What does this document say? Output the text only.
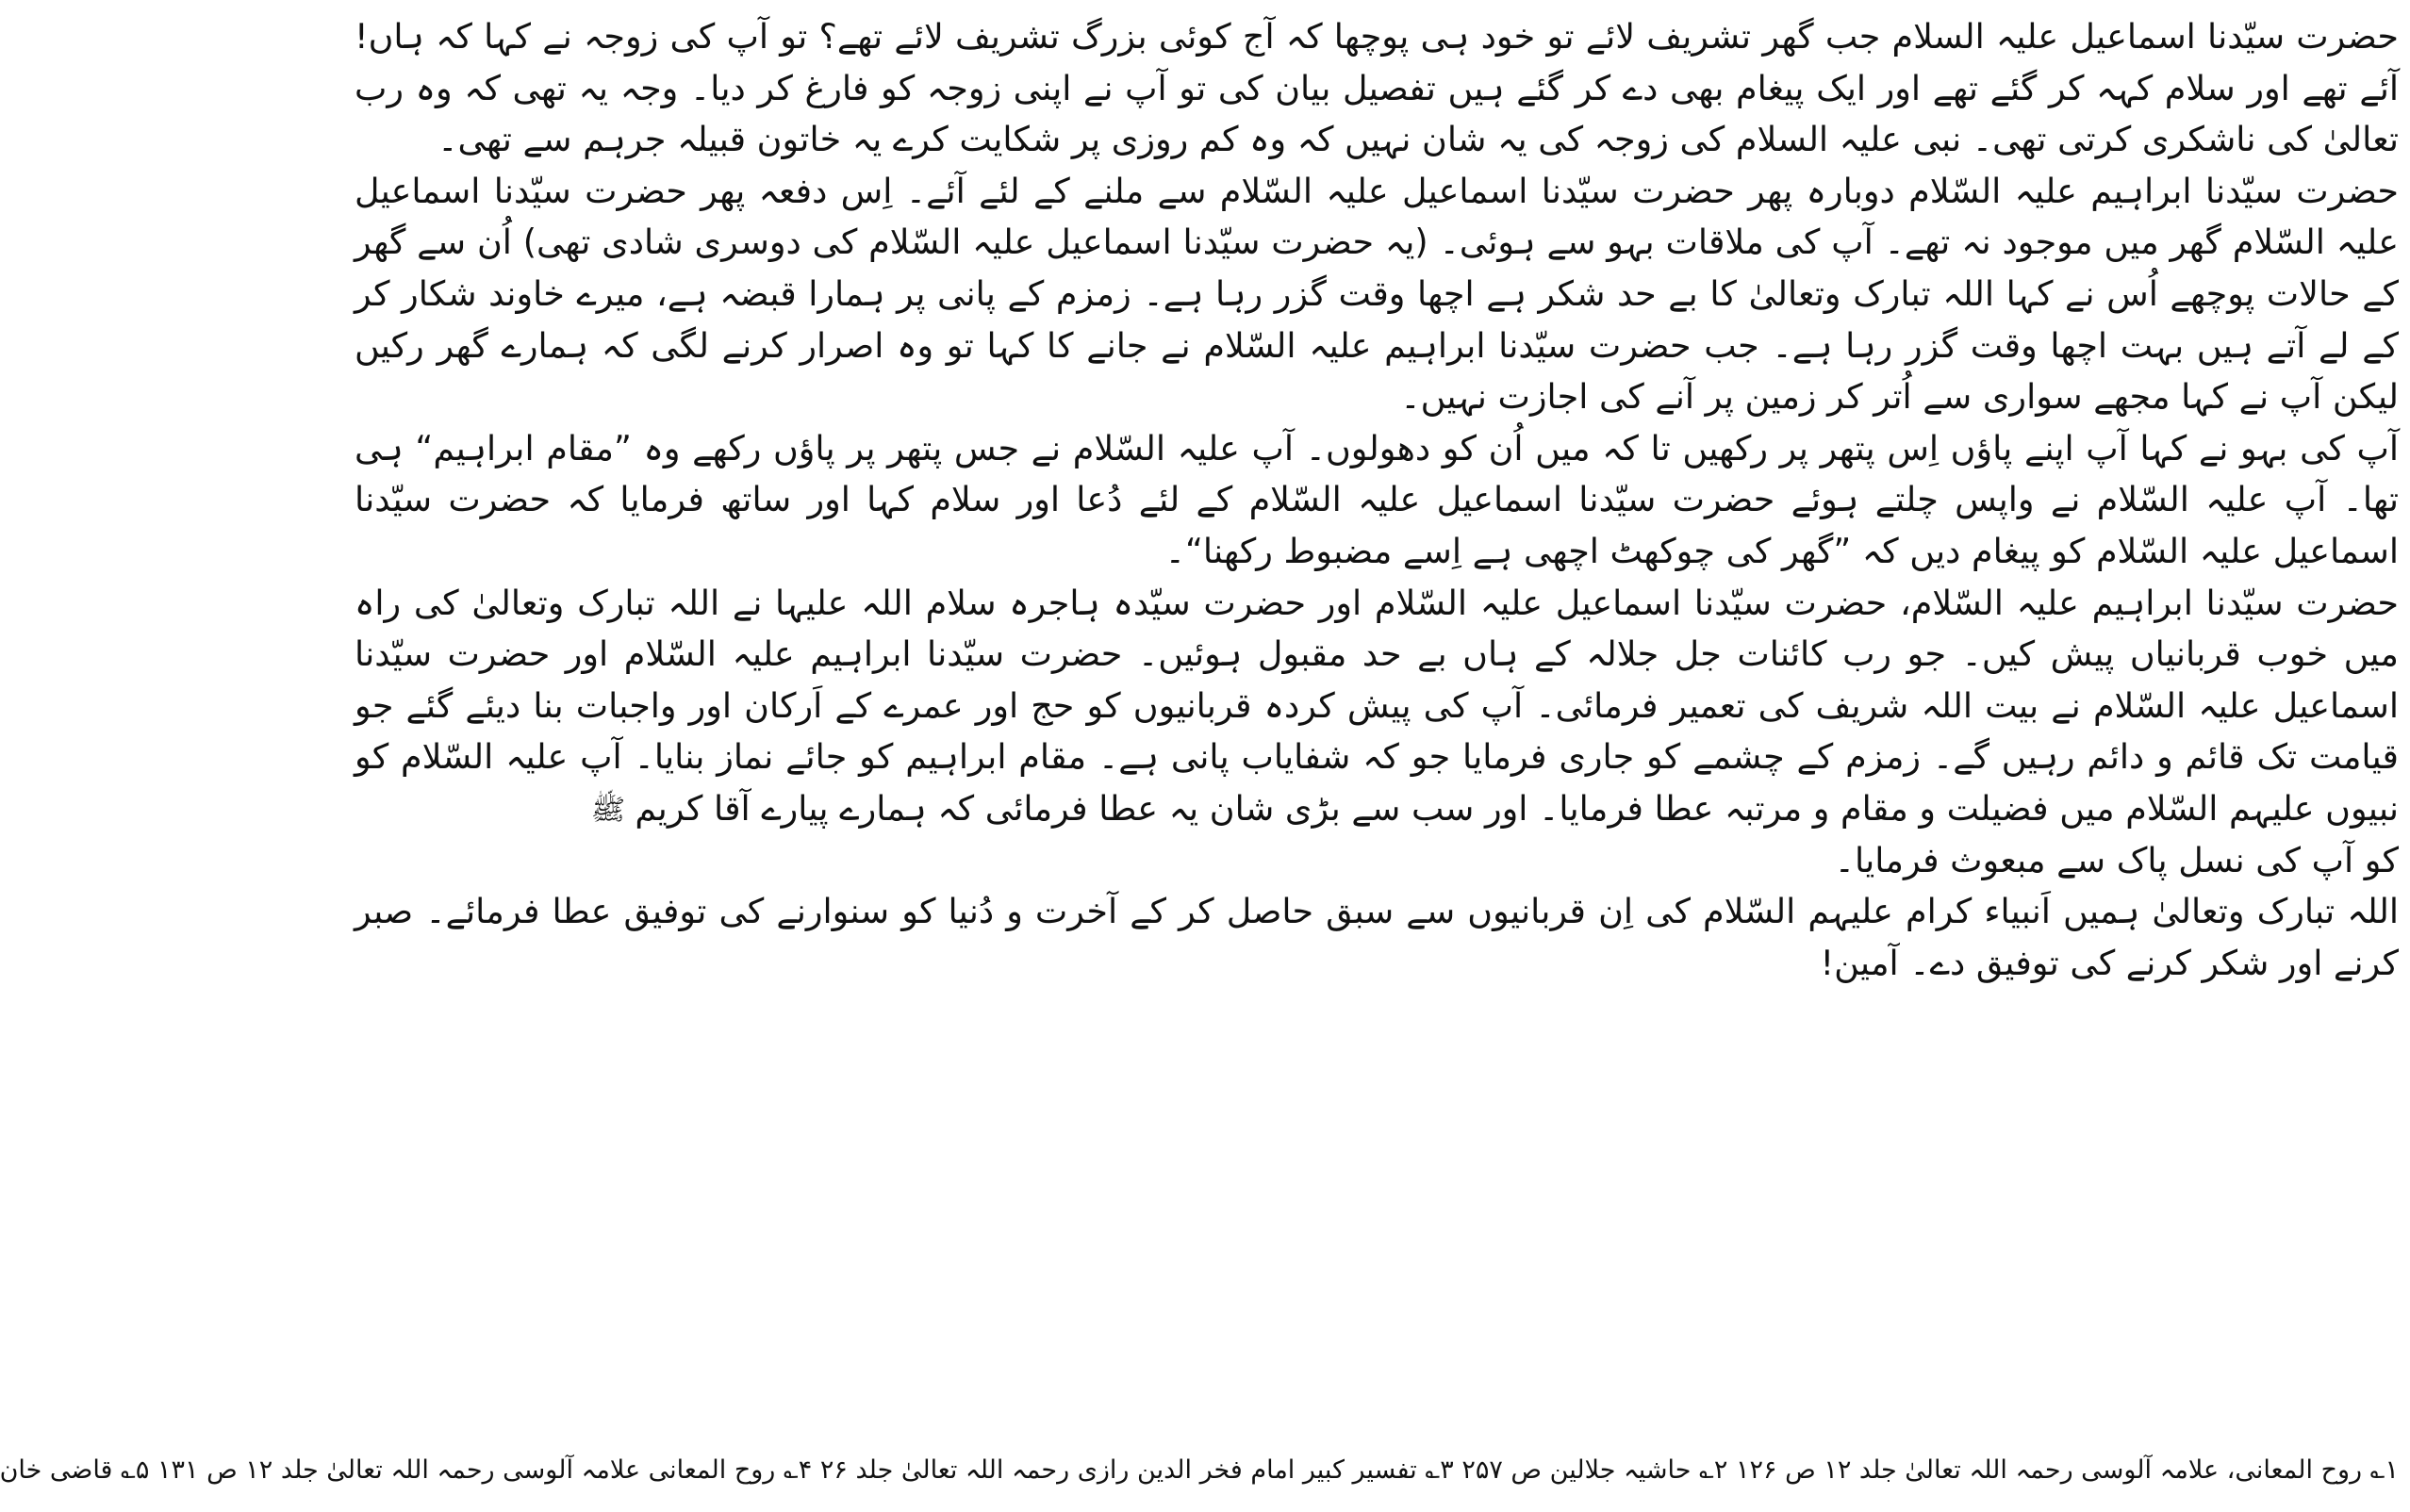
حضرت سیّدنا اسماعیل علیہ السلام جب گھر تشریف لائے تو خود ہی پوچھا کہ آج کوئی بزرگ تشریف لائے تھے؟ تو آپ کی زوجہ نے کہا کہ ہاں! آئے تھے اور سلام کہہ کر گئے تھے اور ایک پیغام بھی دے کر گئے ہیں تفصیل بیان کی تو آپ نے اپنی زوجہ کو فارغ کر دیا۔ وجہ یہ تھی کہ وہ رب تعالیٰ کی ناشکری کرتی تھی۔ نبی علیہ السلام کی زوجہ کی یہ شان نہیں کہ وہ کم روزی پر شکایت کرے یہ خاتون قبیلہ جرہم سے تھی۔

حضرت سیّدنا ابراہیم علیہ السّلام دوبارہ پھر حضرت سیّدنا اسماعیل علیہ السّلام سے ملنے کے لئے آئے۔ اِس دفعہ پھر حضرت سیّدنا اسماعیل علیہ السّلام گھر میں موجود نہ تھے۔ آپ کی ملاقات بہو سے ہوئی۔ (یہ حضرت سیّدنا اسماعیل علیہ السّلام کی دوسری شادی تھی) اُن سے گھر کے حالات پوچھے اُس نے کہا اللہ تبارک وتعالیٰ کا بے حد شکر ہے اچھا وقت گزر رہا ہے۔ زمزم کے پانی پر ہمارا قبضہ ہے، میرے خاوند شکار کر کے لے آتے ہیں بہت اچھا وقت گزر رہا ہے۔ جب حضرت سیّدنا ابراہیم علیہ السّلام نے جانے کا کہا تو وہ اصرار کرنے لگی کہ ہمارے گھر رکیں لیکن آپ نے کہا مجھے سواری سے اُتر کر زمین پر آنے کی اجازت نہیں۔

آپ کی بہو نے کہا آپ اپنے پاؤں اِس پتھر پر رکھیں تا کہ میں اُن کو دھولوں۔ آپ علیہ السّلام نے جس پتھر پر پاؤں رکھے وہ ”مقام ابراہیم“ ہی تھا۔ آپ علیہ السّلام نے واپس چلتے ہوئے حضرت سیّدنا اسماعیل علیہ السّلام کے لئے دُعا اور سلام کہا اور ساتھ فرمایا کہ حضرت سیّدنا اسماعیل علیہ السّلام کو پیغام دیں کہ ”گھر کی چوکھٹ اچھی ہے اِسے مضبوط رکھنا“۔

حضرت سیّدنا ابراہیم علیہ السّلام، حضرت سیّدنا اسماعیل علیہ السّلام اور حضرت سیّدہ ہاجرہ سلام اللہ علیہا نے اللہ تبارک وتعالیٰ کی راہ میں خوب قربانیاں پیش کیں۔ جو رب کائنات جل جلالہ کے ہاں بے حد مقبول ہوئیں۔ حضرت سیّدنا ابراہیم علیہ السّلام اور حضرت سیّدنا اسماعیل علیہ السّلام نے بیت اللہ شریف کی تعمیر فرمائی۔ آپ کی پیش کردہ قربانیوں کو حج اور عمرے کے اَرکان اور واجبات بنا دیئے گئے جو قیامت تک قائم و دائم رہیں گے۔ زمزم کے چشمے کو جاری فرمایا جو کہ شفایاب پانی ہے۔ مقام ابراہیم کو جائے نماز بنایا۔ آپ علیہ السّلام کو نبیوں علیہم السّلام میں فضیلت و مقام و مرتبہ عطا فرمایا۔ اور سب سے بڑی شان یہ عطا فرمائی کہ ہمارے پیارے آقا کریم
ﷺ

کو آپ کی نسل پاک سے مبعوث فرمایا۔

اللہ تبارک وتعالیٰ ہمیں اَنبیاء کرام علیہم السّلام کی اِن قربانیوں سے سبق حاصل کر کے آخرت و دُنیا کو سنوارنے کی توفیق عطا فرمائے۔ صبر کرنے اور شکر کرنے کی توفیق دے۔ آمین!

۱؎ روح المعانی، علامہ آلوسی رحمہ اللہ تعالیٰ جلد ۱۲ ص ۱۲۶ ۲؎ حاشیہ جلالین ص ۲۵۷ ۳؎ تفسیر کبیر امام فخر الدین رازی رحمہ اللہ تعالیٰ جلد ۲۶ ۴؎ روح المعانی علامہ آلوسی رحمہ اللہ تعالیٰ جلد ۱۲ ص ۱۳۱ ۵؎ قاضی خان
